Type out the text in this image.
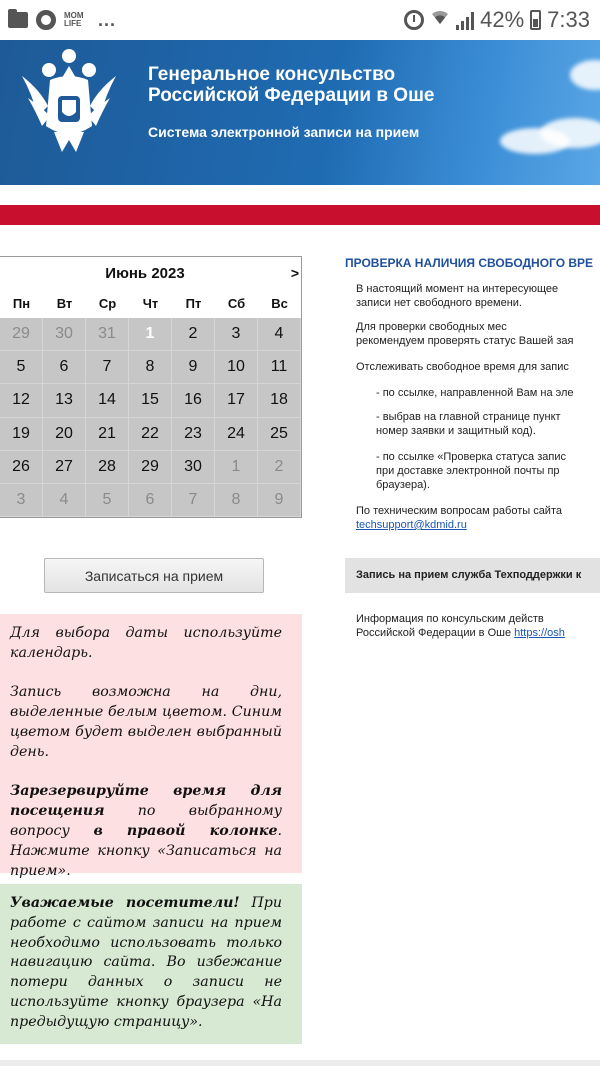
MOM LIFE ...	42% 7:33
Генеральное консульство
Российской Федерации в Оше
Система электронной записи на прием
Июнь 2023	>
Пн	Вт	Ср	Чт	Пт	Сб	Вс
29	30	31	1	2	3	4
5	6	7	8	9	10	11
12	13	14	15	16	17	18
19	20	21	22	23	24	25
26	27	28	29	30	1	2
3	4	5	6	7	8	9
Записаться на прием

Для выбора даты используйте календарь.

Запись возможна на дни, выделенные белым цветом. Синим цветом будет выделен выбранный день.

Зарезервируйте время для посещения по выбранному вопросу в правой колонке. Нажмите кнопку «Записаться на прием».

Уважаемые посетители! При работе с сайтом записи на прием необходимо использовать только навигацию сайта. Во избежание потери данных о записи не используйте кнопку браузера «На предыдущую страницу».

ПРОВЕРКА НАЛИЧИЯ СВОБОДНОГО ВРЕ
В настоящий момент на интересующее
записи нет свободного времени.
Для проверки свободных мес
рекомендуем проверять статус Вашей зая
Отслеживать свободное время для запис
- по ссылке, направленной Вам на эле
- выбрав на главной странице пункт
номер заявки и защитный код).
- по ссылке «Проверка статуса запис
при доставке электронной почты пр
браузера).
По техническим вопросам работы сайта
techsupport@kdmid.ru
Запись на прием служба Техподдержки к
Информация по консульским действ
Российской Федерации в Оше https://osh
